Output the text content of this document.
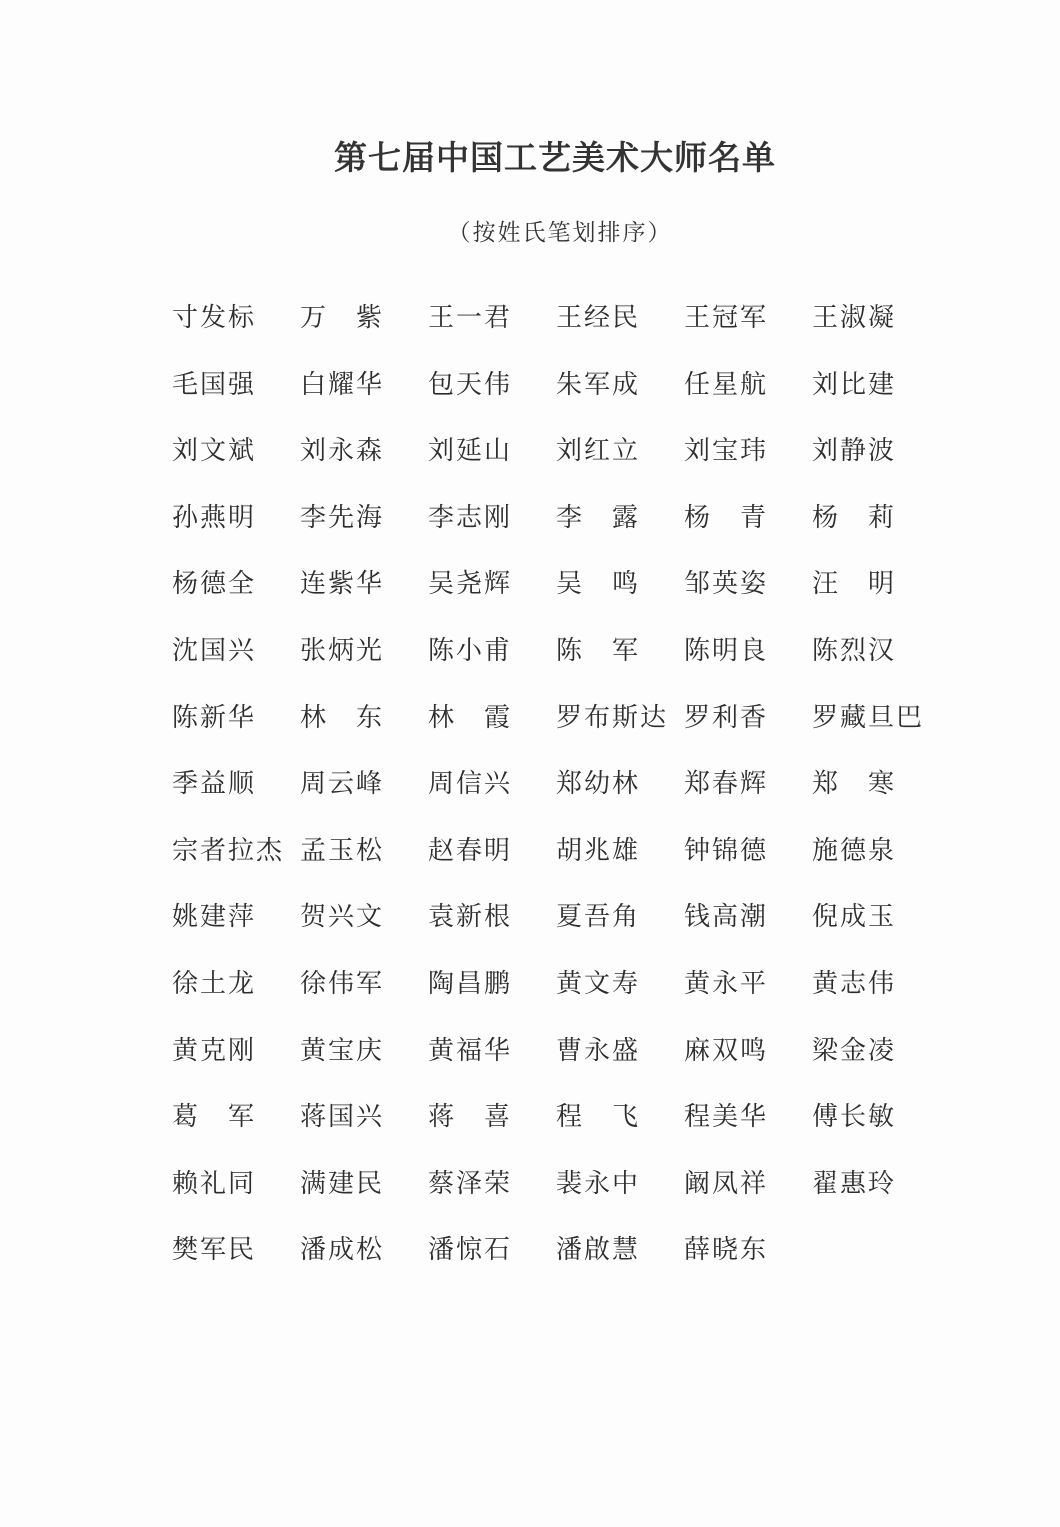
第七届中国工艺美术大师名单
（按姓氏笔划排序）
寸发标	万　紫	王一君	王经民	王冠军	王淑凝
毛国强	白耀华	包天伟	朱军成	任星航	刘比建
刘文斌	刘永森	刘延山	刘红立	刘宝玮	刘静波
孙燕明	李先海	李志刚	李　露	杨　青	杨　莉
杨德全	连紫华	吴尧辉	吴　鸣	邹英姿	汪　明
沈国兴	张炳光	陈小甫	陈　军	陈明良	陈烈汉
陈新华	林　东	林　霞	罗布斯达 罗利香	罗藏旦巴
季益顺	周云峰	周信兴	郑幼林	郑春辉	郑　寒
宗者拉杰 孟玉松	赵春明	胡兆雄	钟锦德	施德泉
姚建萍	贺兴文	袁新根	夏吾角	钱高潮	倪成玉
徐土龙	徐伟军	陶昌鹏	黄文寿	黄永平	黄志伟
黄克刚	黄宝庆	黄福华	曹永盛	麻双鸣	梁金凌
葛　军	蒋国兴	蒋　喜	程　飞	程美华	傅长敏
赖礼同	满建民	蔡泽荣	裴永中	阚凤祥	翟惠玲
樊军民	潘成松	潘惊石	潘啟慧	薛晓东
